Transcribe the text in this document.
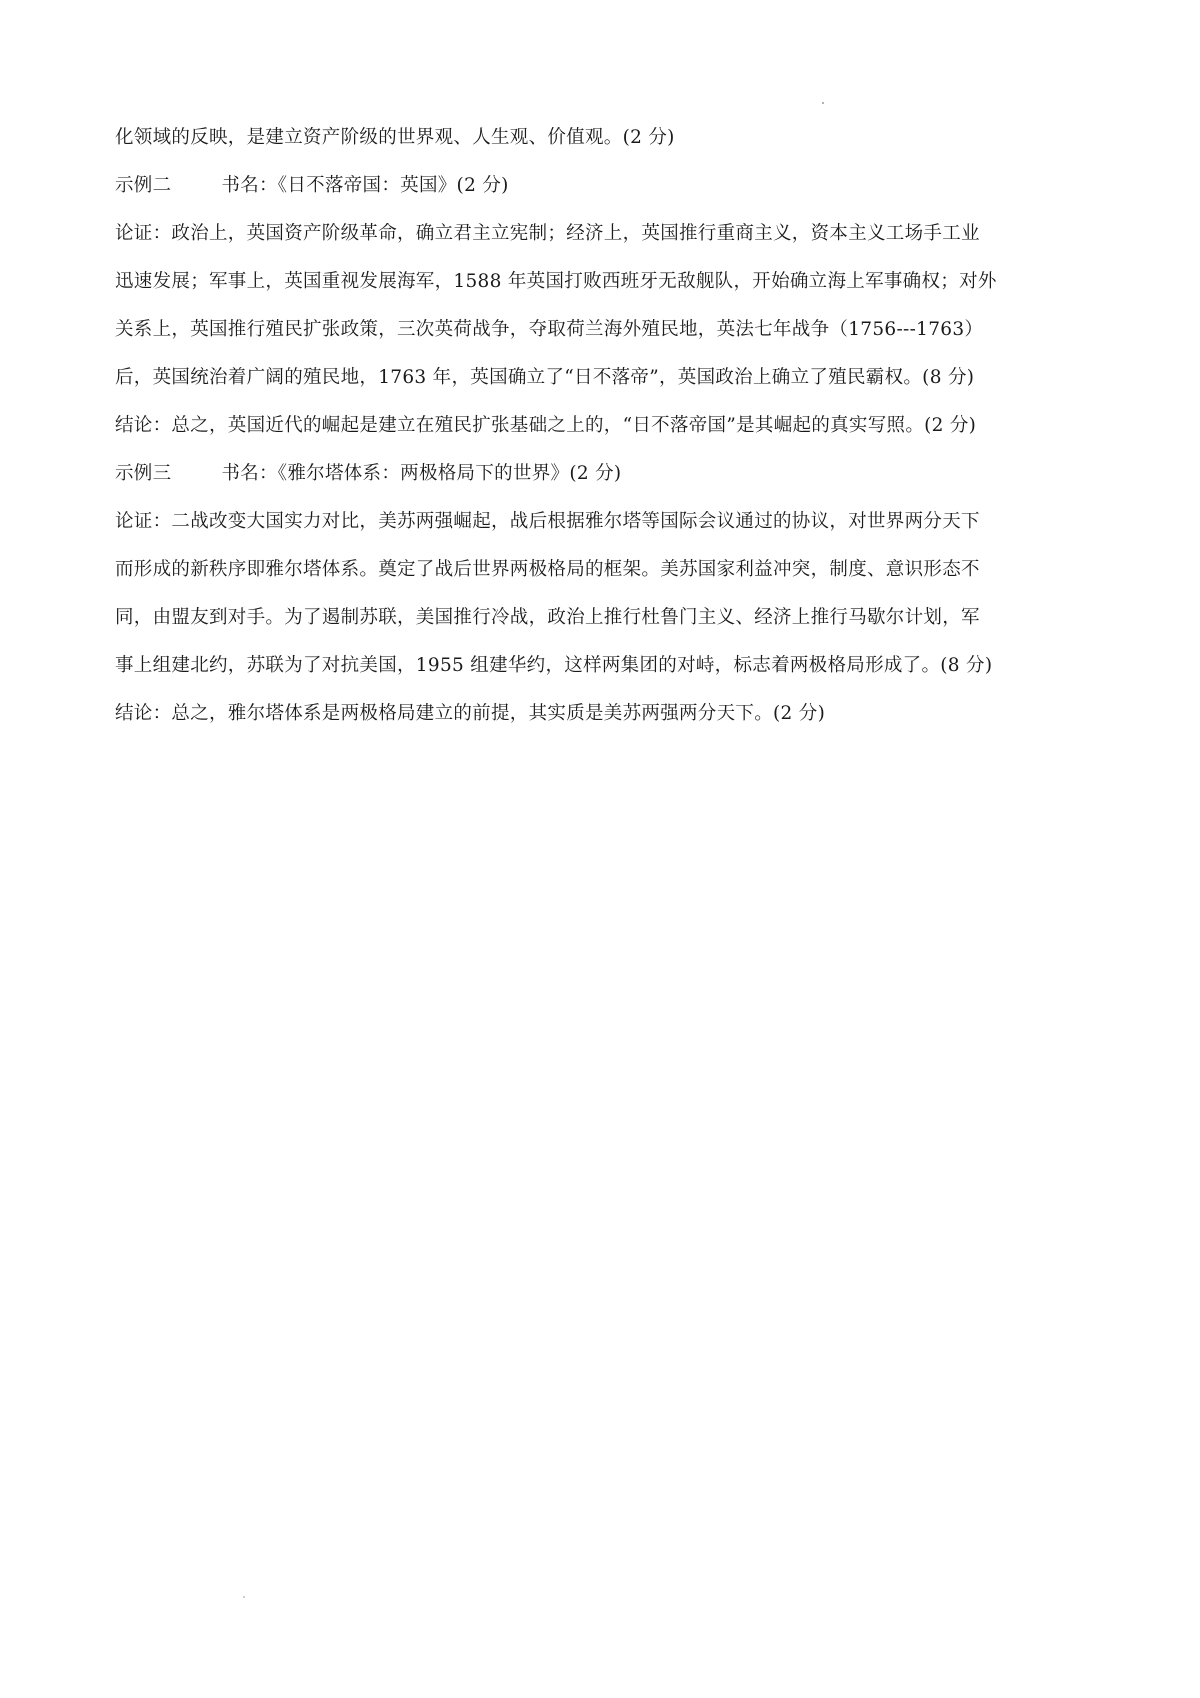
化领域的反映，是建立资产阶级的世界观、人生观、价值观。(2 分)
示例二	书名：《日不落帝国：英国》(2 分)
论证：政治上，英国资产阶级革命，确立君主立宪制；经济上，英国推行重商主义，资本主义工场手工业
迅速发展；军事上，英国重视发展海军，1588 年英国打败西班牙无敌舰队，开始确立海上军事确权；对外
关系上，英国推行殖民扩张政策，三次英荷战争，夺取荷兰海外殖民地，英法七年战争（1756---1763）
后，英国统治着广阔的殖民地，1763 年，英国确立了“日不落帝”，英国政治上确立了殖民霸权。(8 分)
结论：总之，英国近代的崛起是建立在殖民扩张基础之上的，“日不落帝国”是其崛起的真实写照。(2 分)
示例三	书名：《雅尔塔体系：两极格局下的世界》(2 分)
论证：二战改变大国实力对比，美苏两强崛起，战后根据雅尔塔等国际会议通过的协议，对世界两分天下
而形成的新秩序即雅尔塔体系。奠定了战后世界两极格局的框架。美苏国家利益冲突，制度、意识形态不
同，由盟友到对手。为了遏制苏联，美国推行冷战，政治上推行杜鲁门主义、经济上推行马歇尔计划，军
事上组建北约，苏联为了对抗美国，1955 组建华约，这样两集团的对峙，标志着两极格局形成了。(8 分)
结论：总之，雅尔塔体系是两极格局建立的前提，其实质是美苏两强两分天下。(2 分)
